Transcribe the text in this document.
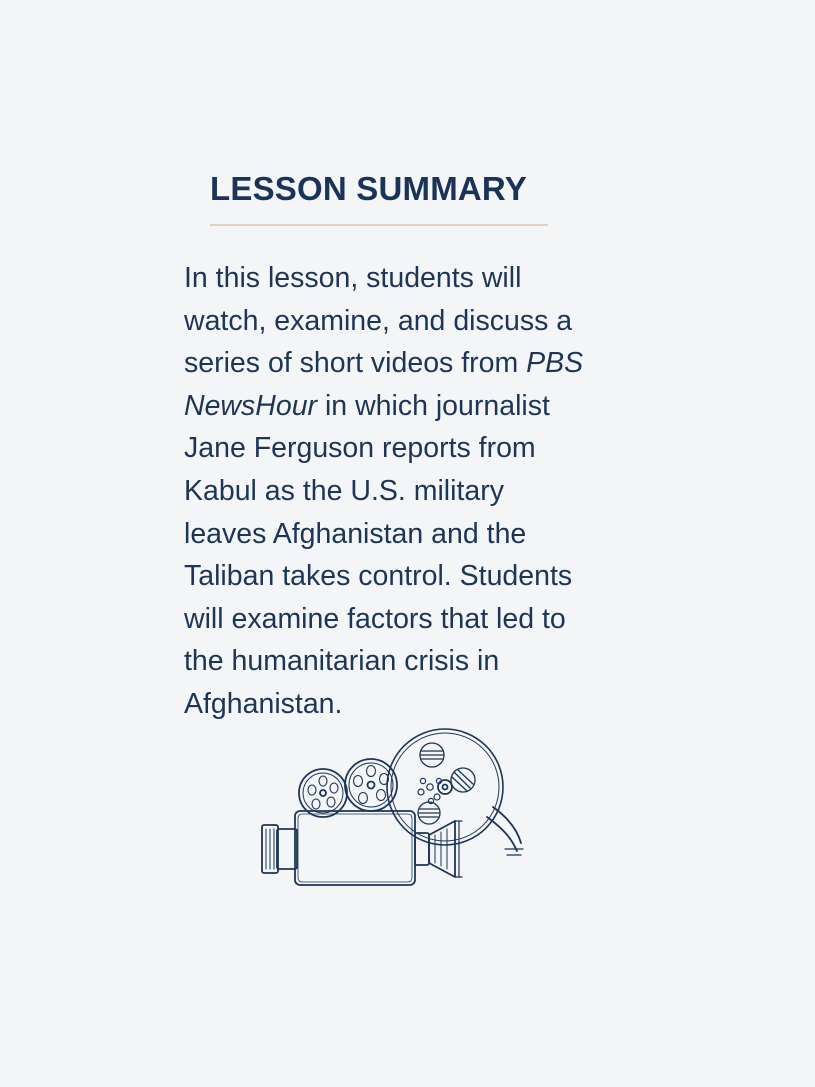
LESSON SUMMARY

In this lesson, students will
watch, examine, and discuss a
series of short videos from PBS
NewsHour in which journalist
Jane Ferguson reports from
Kabul as the U.S. military
leaves Afghanistan and the
Taliban takes control. Students
will examine factors that led to
the humanitarian crisis in
Afghanistan.
